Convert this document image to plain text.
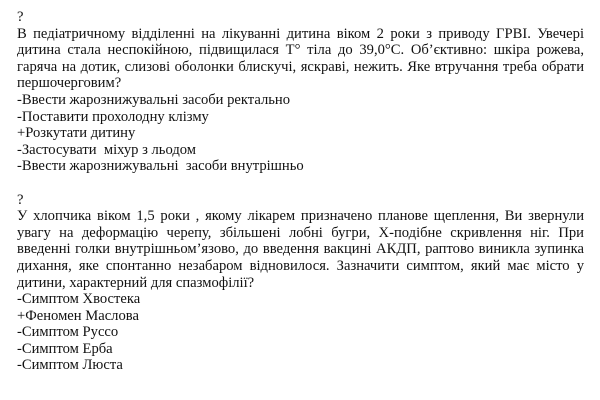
?

В педіатричному відділенні на лікуванні дитина віком 2 роки з приводу ГРВІ. Увечері дитина стала неспокійною, підвищилася Т° тіла до 39,0°С. Об’єктивно: шкіра рожева, гаряча на дотик, слизові оболонки блискучі, яскраві, нежить. Яке втручання треба обрати першочерговим?

-Ввести жарознижувальні засоби ректально

-Поставити прохолодну клізму

+Розкутати дитину

-Застосувати  міхур з льодом

-Ввести жарознижувальні  засоби внутрішньо

?

У хлопчика віком 1,5 роки , якому лікарем призначено планове щеплення, Ви звернули увагу на деформацію черепу, збільшені лобні бугри, Х-подібне скривлення ніг. При введенні голки внутрішньом’язово, до введення вакцині АКДП, раптово виникла зупинка дихання, яке спонтанно незабаром відновилося. Зазначити симптом, який має місто у дитини, характерний для спазмофілії?

-Симптом Хвостека

+Феномен Маслова

-Симптом Руссо

-Симптом Ерба

-Симптом Люста
